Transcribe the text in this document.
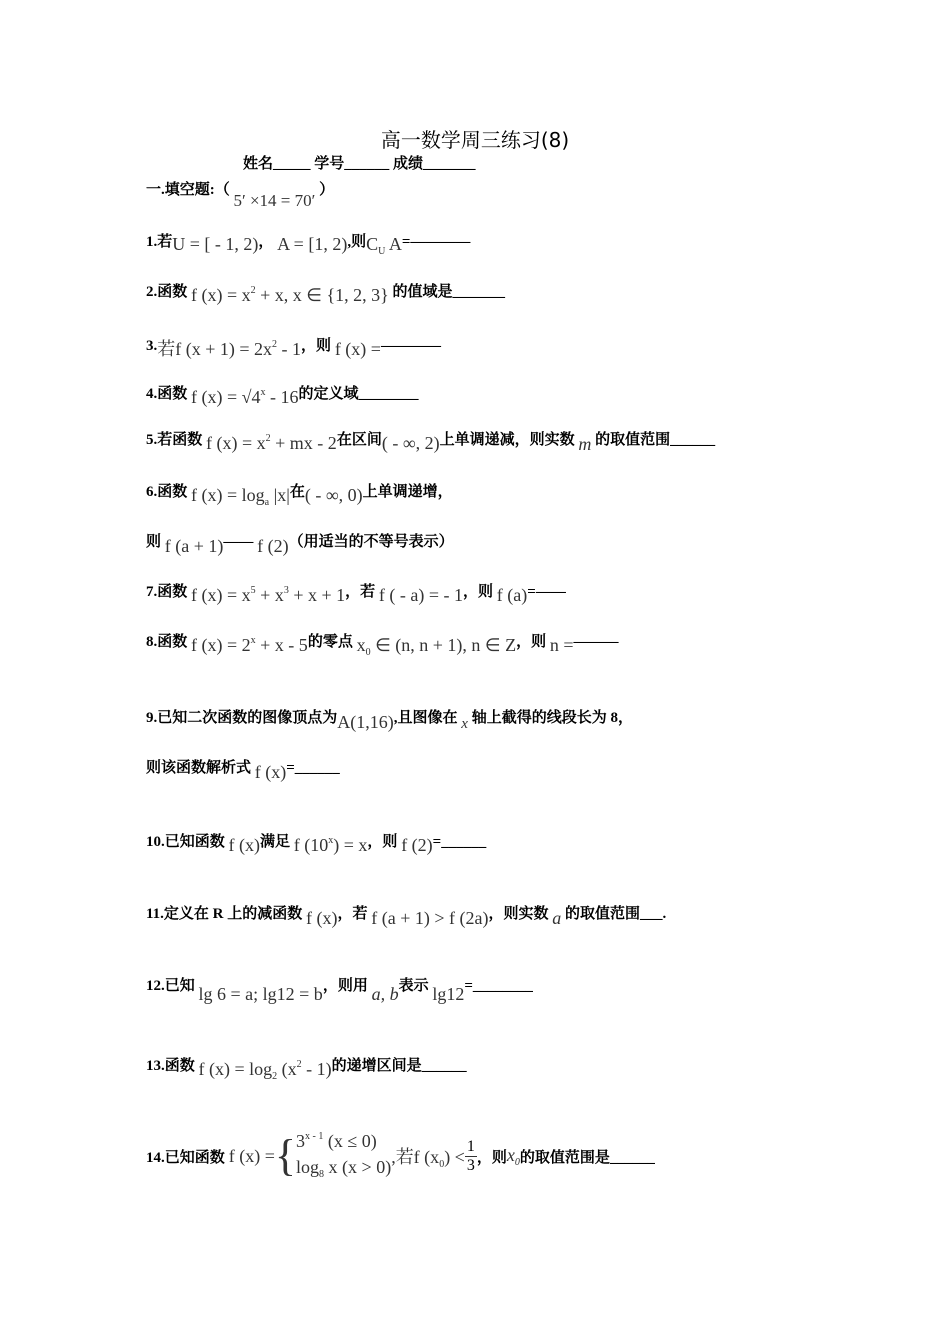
高一数学周三练习(8)
姓名_____ 学号______ 成绩_______
一.填空题:（ 5′ ×14 = 70′ ）
1.若U = [ - 1, 2)， A = [1, 2),则$C_U$ A=————
2.函数 f $(x) = x^2 + x$, x ∈ {1, 2, 3} 的值域是_______
3.若f $(x + 1) = 2x^2 - 1$，则 f (x) =————
4.函数 f $(x) = √4^x - 16$的定义域________
5.若函数 f $(x) = x^2$ + mx - 2在区间( - ∞, 2)上单调递减，则实数 m 的取值范围______
6.函数 f $(x) = \log_a |x|$在( - ∞, 0)上单调递增，
则 f (a + 1)—— f (2)（用适当的不等号表示）
7.函数 f $(x) = x^5 + x^3 + x + 1$，若 f ( - a) = - 1，则 f (a)=——
8.函数 f $(x) = 2^x + x - 5$的零点 $x_0$ ∈ (n, n + 1), n ∈ Z，则 n =———
9.已知二次函数的图像顶点为A(1,16),且图像在 x 轴上截得的线段长为 8，
则该函数解析式 f (x)=______
10.已知函数 f (x)满足 f $(10^x) = x$，则 f (2)=______
11.定义在 R 上的减函数 f (x)，若 f (a + 1) > f (2a)，则实数 a 的取值范围___.
12.已知 lg 6 = a; lg12 = b，则用 a, b表示 lg12=________
13.函数 f $(x) = \log_2 (x^2 - 1)$的递增区间是______
14.已知函数 f (x) = { 3$^{x - 1}$ (x ≤ 0)
$\log_8 x$ (x > 0)
,若f $(x_0) < \frac{1}{3}$ ，则 $x_0$ 的取值范围是______
